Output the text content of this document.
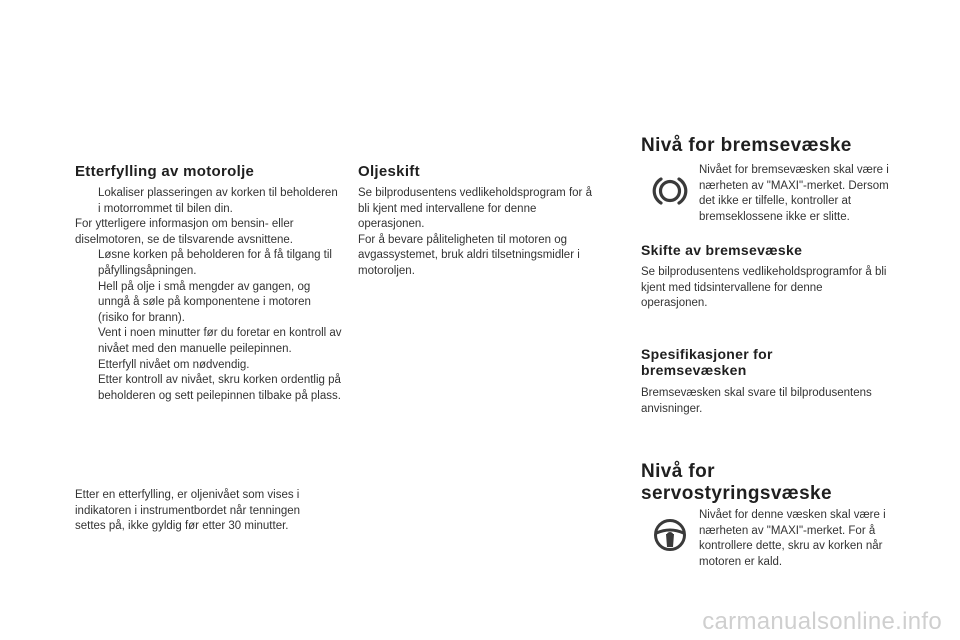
Etterfylling av motorolje
Lokaliser plasseringen av korken til beholderen i motorrommet til bilen din.

For ytterligere informasjon om bensin- eller diselmotoren, se de tilsvarende avsnittene.

Løsne korken på beholderen for å få tilgang til påfyllingsåpningen.
Hell på olje i små mengder av gangen, og unngå å søle på komponentene i motoren (risiko for brann).
Vent i noen minutter før du foretar en kontroll av nivået med den manuelle peilepinnen.
Etterfyll nivået om nødvendig.
Etter kontroll av nivået, skru korken ordentlig på beholderen og sett peilepinnen tilbake på plass.

Etter en etterfylling, er oljenivået som vises i indikatoren i instrumentbordet når tenningen settes på, ikke gyldig før etter 30 minutter.

Oljeskift

Se bilprodusentens vedlikeholdsprogram for å bli kjent med intervallene for denne operasjonen.

For å bevare påliteligheten til motoren og avgassystemet, bruk aldri tilsetningsmidler i motoroljen.

Nivå for bremsevæske
Nivået for bremsevæsken skal være i nærheten av "MAXI"-merket. Dersom det ikke er tilfelle, kontroller at bremseklossene ikke er slitte.
Skifte av bremsevæske

Se bilprodusentens vedlikeholdsprogramfor å bli kjent med tidsintervallene for denne operasjonen.

Spesifikasjoner for
bremsevæsken

Bremsevæsken skal svare til bilprodusentens anvisninger.

Nivå for
servostyringsvæske
Nivået for denne væsken skal være i nærheten av "MAXI"-merket. For å kontrollere dette, skru av korken når motoren er kald.
carmanualsonline.info
